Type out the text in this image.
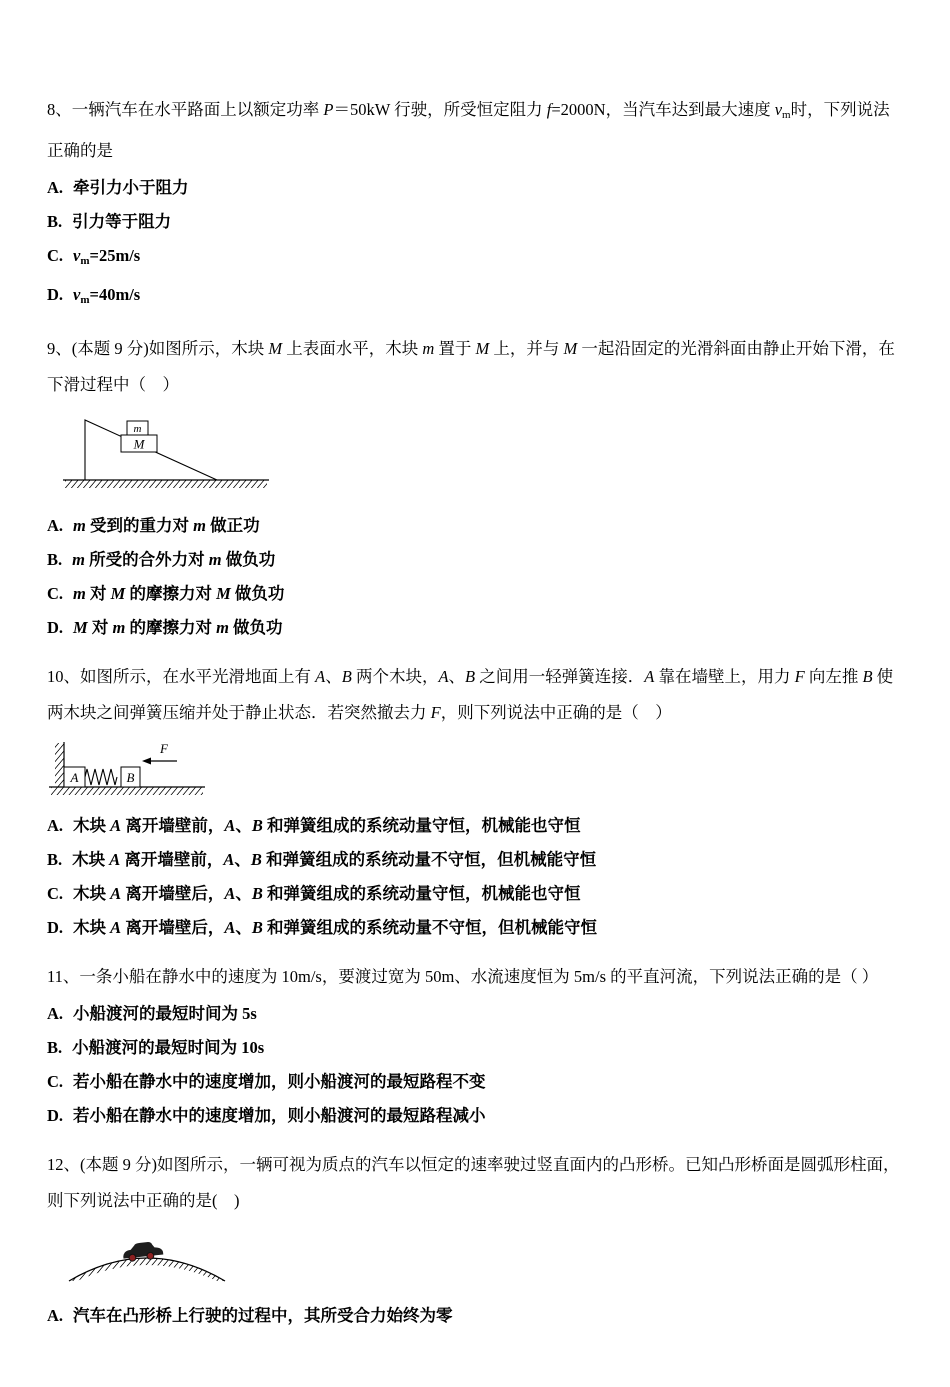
8、一辆汽车在水平路面上以额定功率 P＝50kW 行驶，所受恒定阻力 f=2000N，当汽车达到最大速度 $v_m$时，下列说法正确的是

A. 牵引力小于阻力
B. 引力等于阻力
C. $v_m=25m/s$
D. $v_m=40m/s$

9、(本题 9 分)如图所示，木块 M 上表面水平，木块 m 置于 M 上，并与 M 一起沿固定的光滑斜面由静止开始下滑，在下滑过程中（　）

m
M
A. m 受到的重力对 m 做正功
B. m 所受的合外力对 m 做负功
C. m 对 M 的摩擦力对 M 做负功
D. M 对 m 的摩擦力对 m 做负功

10、如图所示，在水平光滑地面上有 A、B 两个木块，A、B 之间用一轻弹簧连接．A 靠在墙壁上，用力 F 向左推 B 使两木块之间弹簧压缩并处于静止状态．若突然撤去力 F，则下列说法中正确的是（　）

A	B
F
A. 木块 A 离开墙壁前，A、B 和弹簧组成的系统动量守恒，机械能也守恒
B. 木块 A 离开墙壁前，A、B 和弹簧组成的系统动量不守恒，但机械能守恒
C. 木块 A 离开墙壁后，A、B 和弹簧组成的系统动量守恒，机械能也守恒
D. 木块 A 离开墙壁后，A、B 和弹簧组成的系统动量不守恒，但机械能守恒

11、一条小船在静水中的速度为 10m/s，要渡过宽为 50m、水流速度恒为 5m/s 的平直河流，下列说法正确的是（ ）

A. 小船渡河的最短时间为 5s
B. 小船渡河的最短时间为 10s
C. 若小船在静水中的速度增加，则小船渡河的最短路程不变
D. 若小船在静水中的速度增加，则小船渡河的最短路程减小

12、(本题 9 分)如图所示，一辆可视为质点的汽车以恒定的速率驶过竖直面内的凸形桥。已知凸形桥面是圆弧形柱面，则下列说法中正确的是(　)

A. 汽车在凸形桥上行驶的过程中，其所受合力始终为零
